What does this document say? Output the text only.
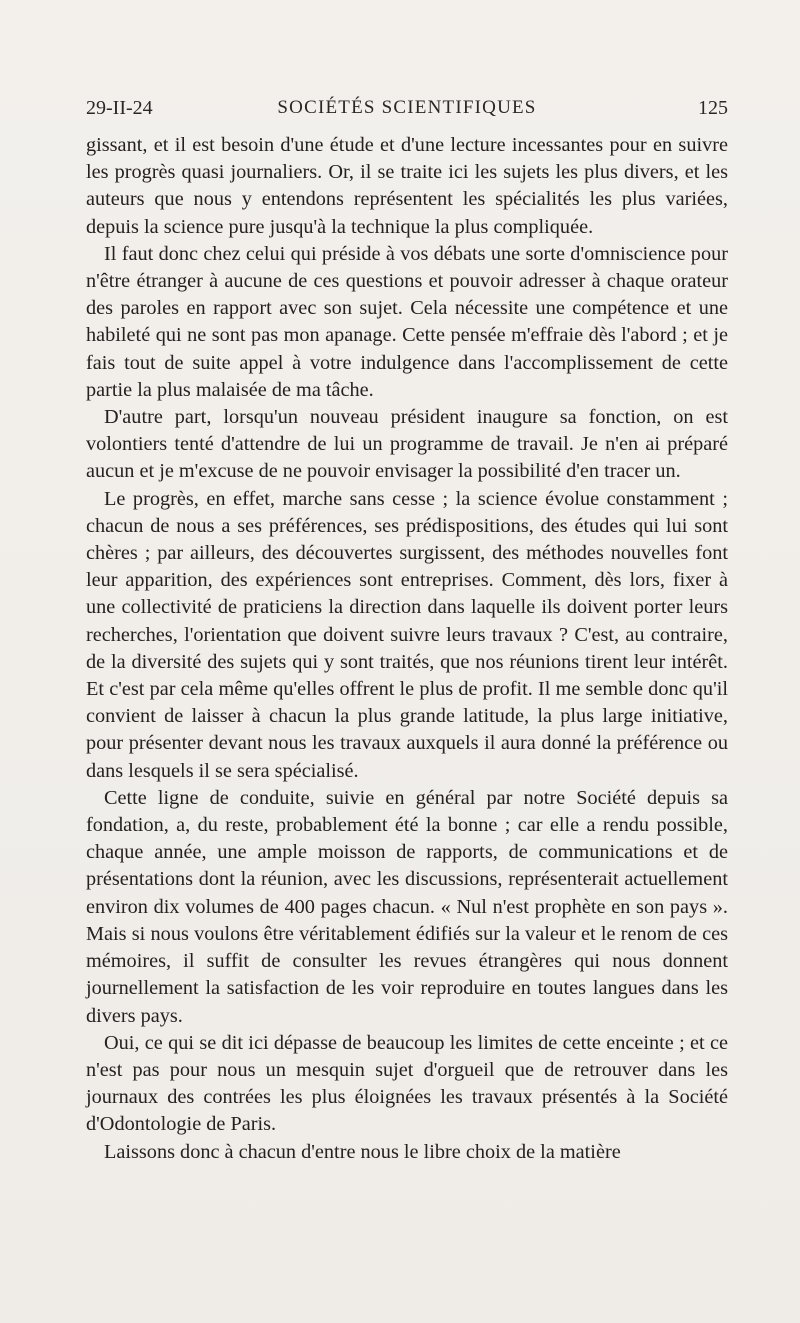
29-II-24	SOCIÉTÉS SCIENTIFIQUES	125

gissant, et il est besoin d'une étude et d'une lecture incessantes pour en suivre les progrès quasi journaliers. Or, il se traite ici les sujets les plus divers, et les auteurs que nous y entendons représentent les spécialités les plus variées, depuis la science pure jusqu'à la technique la plus compliquée.

Il faut donc chez celui qui préside à vos débats une sorte d'omniscience pour n'être étranger à aucune de ces questions et pouvoir adresser à chaque orateur des paroles en rapport avec son sujet. Cela nécessite une compétence et une habileté qui ne sont pas mon apanage. Cette pensée m'effraie dès l'abord ; et je fais tout de suite appel à votre indulgence dans l'accomplissement de cette partie la plus malaisée de ma tâche.

D'autre part, lorsqu'un nouveau président inaugure sa fonction, on est volontiers tenté d'attendre de lui un programme de travail. Je n'en ai préparé aucun et je m'excuse de ne pouvoir envisager la possibilité d'en tracer un.

Le progrès, en effet, marche sans cesse ; la science évolue constamment ; chacun de nous a ses préférences, ses prédispositions, des études qui lui sont chères ; par ailleurs, des découvertes surgissent, des méthodes nouvelles font leur apparition, des expériences sont entreprises. Comment, dès lors, fixer à une collectivité de praticiens la direction dans laquelle ils doivent porter leurs recherches, l'orientation que doivent suivre leurs travaux ? C'est, au contraire, de la diversité des sujets qui y sont traités, que nos réunions tirent leur intérêt. Et c'est par cela même qu'elles offrent le plus de profit. Il me semble donc qu'il convient de laisser à chacun la plus grande latitude, la plus large initiative, pour présenter devant nous les travaux auxquels il aura donné la préférence ou dans lesquels il se sera spécialisé.

Cette ligne de conduite, suivie en général par notre Société depuis sa fondation, a, du reste, probablement été la bonne ; car elle a rendu possible, chaque année, une ample moisson de rapports, de communications et de présentations dont la réunion, avec les discussions, représenterait actuellement environ dix volumes de 400 pages chacun. « Nul n'est prophète en son pays ». Mais si nous voulons être véritablement édifiés sur la valeur et le renom de ces mémoires, il suffit de consulter les revues étrangères qui nous donnent journellement la satisfaction de les voir reproduire en toutes langues dans les divers pays.

Oui, ce qui se dit ici dépasse de beaucoup les limites de cette enceinte ; et ce n'est pas pour nous un mesquin sujet d'orgueil que de retrouver dans les journaux des contrées les plus éloignées les travaux présentés à la Société d'Odontologie de Paris.

Laissons donc à chacun d'entre nous le libre choix de la matière
